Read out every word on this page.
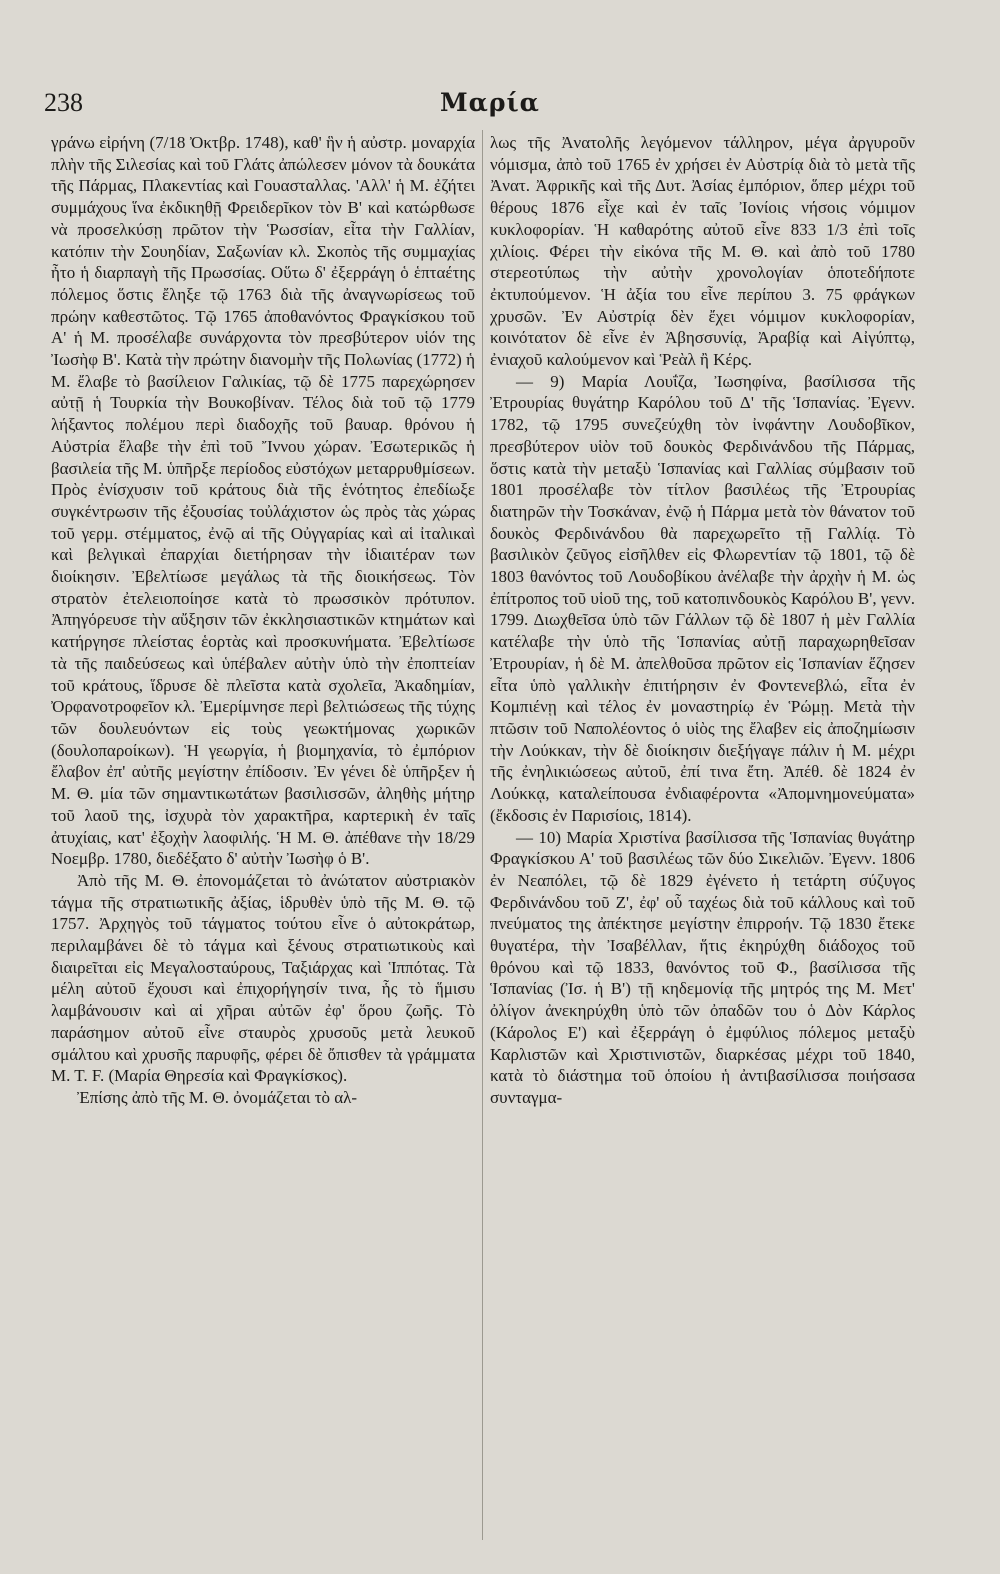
238	Μαρία

γράνω εἰρήνη (7/18 Ὀκτβρ. 1748), καθ' ἣν ἡ αὐστρ. μοναρχία πλὴν τῆς Σιλεσίας καὶ τοῦ Γλάτς ἀπώλεσεν μόνον τὰ δουκάτα τῆς Πάρμας, Πλακεντίας καὶ Γουασταλλας. 'Αλλ' ἡ Μ. ἐζήτει συμμάχους ἵνα ἐκδικηθῇ Φρειδερῖκον τὸν Β' καὶ κατώρθωσε νὰ προσελκύσῃ πρῶτον τὴν Ῥωσσίαν, εἶτα τὴν Γαλλίαν, κατόπιν τὴν Σουηδίαν, Σαξωνίαν κλ. Σκοπὸς τῆς συμμαχίας ἦτο ἡ διαρπαγὴ τῆς Πρωσσίας. Οὕτω δ' ἐξερράγη ὁ ἑπταέτης πόλεμος ὅστις ἔληξε τῷ 1763 διὰ τῆς ἀναγνωρίσεως τοῦ πρώην καθεστῶτος. Τῷ 1765 ἀποθανόντος Φραγκίσκου τοῦ Α' ἡ Μ. προσέλαβε συνάρχοντα τὸν πρεσβύτερον υἱόν της Ἰωσὴφ Β'. Κατὰ τὴν πρώτην διανομὴν τῆς Πολωνίας (1772) ἡ Μ. ἔλαβε τὸ βασίλειον Γαλικίας, τῷ δὲ 1775 παρεχώρησεν αὐτῇ ἡ Τουρκία τὴν Βουκοβίναν. Τέλος διὰ τοῦ τῷ 1779 λήξαντος πολέμου περὶ διαδοχῆς τοῦ βαυαρ. θρόνου ἡ Αὐστρία ἔλαβε τὴν ἐπὶ τοῦ Ἴννου χώραν. Ἐσωτερικῶς ἡ βασιλεία τῆς Μ. ὑπῆρξε περίοδος εὐστόχων μεταρρυθμίσεων. Πρὸς ἐνίσχυσιν τοῦ κράτους διὰ τῆς ἑνότητος ἐπεδίωξε συγκέντρωσιν τῆς ἐξουσίας τοὐλάχιστον ὡς πρὸς τὰς χώρας τοῦ γερμ. στέμματος, ἐνῷ αἱ τῆς Οὐγγαρίας καὶ αἱ ἰταλικαὶ καὶ βελγικαὶ ἐπαρχίαι διετήρησαν τὴν ἰδιαιτέραν των διοίκησιν. Ἐβελτίωσε μεγάλως τὰ τῆς διοικήσεως. Τὸν στρατὸν ἐτελειοποίησε κατὰ τὸ πρωσσικὸν πρότυπον. Ἀπηγόρευσε τὴν αὔξησιν τῶν ἐκκλησιαστικῶν κτημάτων καὶ κατήργησε πλείστας ἑορτὰς καὶ προσκυνήματα. Ἐβελτίωσε τὰ τῆς παιδεύσεως καὶ ὑπέβαλεν αὐτὴν ὑπὸ τὴν ἐποπτείαν τοῦ κράτους, ἵδρυσε δὲ πλεῖστα κατὰ σχολεῖα, Ἀκαδημίαν, Ὀρφανοτροφεῖον κλ. Ἐμερίμνησε περὶ βελτιώσεως τῆς τύχης τῶν δουλευόντων εἰς τοὺς γεωκτήμονας χωρικῶν (δουλοπαροίκων). Ἡ γεωργία, ἡ βιομηχανία, τὸ ἐμπόριον ἔλαβον ἐπ' αὐτῆς μεγίστην ἐπίδοσιν. Ἐν γένει δὲ ὑπῆρξεν ἡ Μ. Θ. μία τῶν σημαντικωτάτων βασιλισσῶν, ἀληθὴς μήτηρ τοῦ λαοῦ της, ἰσχυρὰ τὸν χαρακτῆρα, καρτερικὴ ἐν ταῖς ἀτυχίαις, κατ' ἐξοχὴν λαοφιλής. Ἡ Μ. Θ. ἀπέθανε τὴν 18/29 Νοεμβρ. 1780, διεδέξατο δ' αὐτὴν Ἰωσὴφ ὁ Β'.

Ἀπὸ τῆς Μ. Θ. ἐπονομάζεται τὸ ἀνώτατον αὐστριακὸν τάγμα τῆς στρατιωτικῆς ἀξίας, ἱδρυθὲν ὑπὸ τῆς Μ. Θ. τῷ 1757. Ἀρχηγὸς τοῦ τάγματος τούτου εἶνε ὁ αὐτοκράτωρ, περιλαμβάνει δὲ τὸ τάγμα καὶ ξένους στρατιωτικοὺς καὶ διαιρεῖται εἰς Μεγαλοσταύρους, Ταξιάρχας καὶ Ἱππότας. Τὰ μέλη αὐτοῦ ἔχουσι καὶ ἐπιχορήγησίν τινα, ἧς τὸ ἥμισυ λαμβάνουσιν καὶ αἱ χῆραι αὐτῶν ἐφ' ὅρου ζωῆς. Τὸ παράσημον αὐτοῦ εἶνε σταυρὸς χρυσοῦς μετὰ λευκοῦ σμάλτου καὶ χρυσῆς παρυφῆς, φέρει δὲ ὄπισθεν τὰ γράμματα Μ. Τ. F. (Μαρία Θηρεσία καὶ Φραγκίσκος).

Ἐπίσης ἀπὸ τῆς Μ. Θ. ὀνομάζεται τὸ αλ-

λως τῆς Ἀνατολῆς λεγόμενον τάλληρον, μέγα ἀργυροῦν νόμισμα, ἀπὸ τοῦ 1765 ἐν χρήσει ἐν Αὐστρίᾳ διὰ τὸ μετὰ τῆς Ἀνατ. Ἀφρικῆς καὶ τῆς Δυτ. Ἀσίας ἐμπόριον, ὅπερ μέχρι τοῦ θέρους 1876 εἶχε καὶ ἐν ταῖς Ἰονίοις νήσοις νόμιμον κυκλοφορίαν. Ἡ καθαρότης αὐτοῦ εἶνε 833 1/3 ἐπὶ τοῖς χιλίοις. Φέρει τὴν εἰκόνα τῆς Μ. Θ. καὶ ἀπὸ τοῦ 1780 στερεοτύπως τὴν αὐτὴν χρονολογίαν ὁποτεδήποτε ἐκτυπούμενον. Ἡ ἀξία του εἶνε περίπου 3. 75 φράγκων χρυσῶν. Ἐν Αὐστρίᾳ δὲν ἔχει νόμιμον κυκλοφορίαν, κοινότατον δὲ εἶνε ἐν Ἀβησσυνίᾳ, Ἀραβίᾳ καὶ Αἰγύπτῳ, ἐνιαχοῦ καλούμενον καὶ Ῥεὰλ ἢ Κέρς.

— 9) Μαρία Λουΐζα, Ἰωσηφίνα, βασίλισσα τῆς Ἐτρουρίας θυγάτηρ Καρόλου τοῦ Δ' τῆς Ἱσπανίας. Ἐγενν. 1782, τῷ 1795 συνεζεύχθη τὸν ἰνφάντην Λουδοβῖκον, πρεσβύτερον υἱὸν τοῦ δουκὸς Φερδινάνδου τῆς Πάρμας, ὅστις κατὰ τὴν μεταξὺ Ἱσπανίας καὶ Γαλλίας σύμβασιν τοῦ 1801 προσέλαβε τὸν τίτλον βασιλέως τῆς Ἐτρουρίας διατηρῶν τὴν Τοσκάναν, ἐνῷ ἡ Πάρμα μετὰ τὸν θάνατον τοῦ δουκὸς Φερδινάνδου θὰ παρεχωρεῖτο τῇ Γαλλίᾳ. Τὸ βασιλικὸν ζεῦγος εἰσῆλθεν εἰς Φλωρεντίαν τῷ 1801, τῷ δὲ 1803 θανόντος τοῦ Λουδοβίκου ἀνέλαβε τὴν ἀρχὴν ἡ Μ. ὡς ἐπίτροπος τοῦ υἱοῦ της, τοῦ κατοπινδουκὸς Καρόλου Β', γενν. 1799. Διωχθεῖσα ὑπὸ τῶν Γάλλων τῷ δὲ 1807 ἡ μὲν Γαλλία κατέλαβε τὴν ὑπὸ τῆς Ἱσπανίας αὐτῇ παραχωρηθεῖσαν Ἐτρουρίαν, ἡ δὲ Μ. ἀπελθοῦσα πρῶτον εἰς Ἱσπανίαν ἔζησεν εἶτα ὑπὸ γαλλικὴν ἐπιτήρησιν ἐν Φοντενεβλώ, εἶτα ἐν Κομπιένῃ καὶ τέλος ἐν μοναστηρίῳ ἐν Ῥώμῃ. Μετὰ τὴν πτῶσιν τοῦ Ναπολέοντος ὁ υἱὸς της ἔλαβεν εἰς ἀποζημίωσιν τὴν Λούκκαν, τὴν δὲ διοίκησιν διεξήγαγε πάλιν ἡ Μ. μέχρι τῆς ἐνηλικιώσεως αὐτοῦ, ἐπί τινα ἔτη. Ἀπέθ. δὲ 1824 ἐν Λούκκᾳ, καταλείπουσα ἐνδιαφέροντα «Ἀπομνημονεύματα» (ἔκδοσις ἐν Παρισίοις, 1814).

— 10) Μαρία Χριστίνα βασίλισσα τῆς Ἱσπανίας θυγάτηρ Φραγκίσκου Α' τοῦ βασιλέως τῶν δύο Σικελιῶν. Ἐγενν. 1806 ἐν Νεαπόλει, τῷ δὲ 1829 ἐγένετο ἡ τετάρτη σύζυγος Φερδινάνδου τοῦ Ζ', ἐφ' οὗ ταχέως διὰ τοῦ κάλλους καὶ τοῦ πνεύματος της ἀπέκτησε μεγίστην ἐπιρροήν. Τῷ 1830 ἔτεκε θυγατέρα, τὴν Ἰσαβέλλαν, ἥτις ἐκηρύχθη διάδοχος τοῦ θρόνου καὶ τῷ 1833, θανόντος τοῦ Φ., βασίλισσα τῆς Ἱσπανίας (Ἰσ. ἡ Β') τῇ κηδεμονίᾳ τῆς μητρός της Μ. Μετ' ὀλίγον ἀνεκηρύχθη ὑπὸ τῶν ὀπαδῶν του ὁ Δὸν Κάρλος (Κάρολος Ε') καὶ ἐξερράγη ὁ ἐμφύλιος πόλεμος μεταξὺ Καρλιστῶν καὶ Χριστινιστῶν, διαρκέσας μέχρι τοῦ 1840, κατὰ τὸ διάστημα τοῦ ὁποίου ἡ ἀντιβασίλισσα ποιήσασα συνταγμα-
